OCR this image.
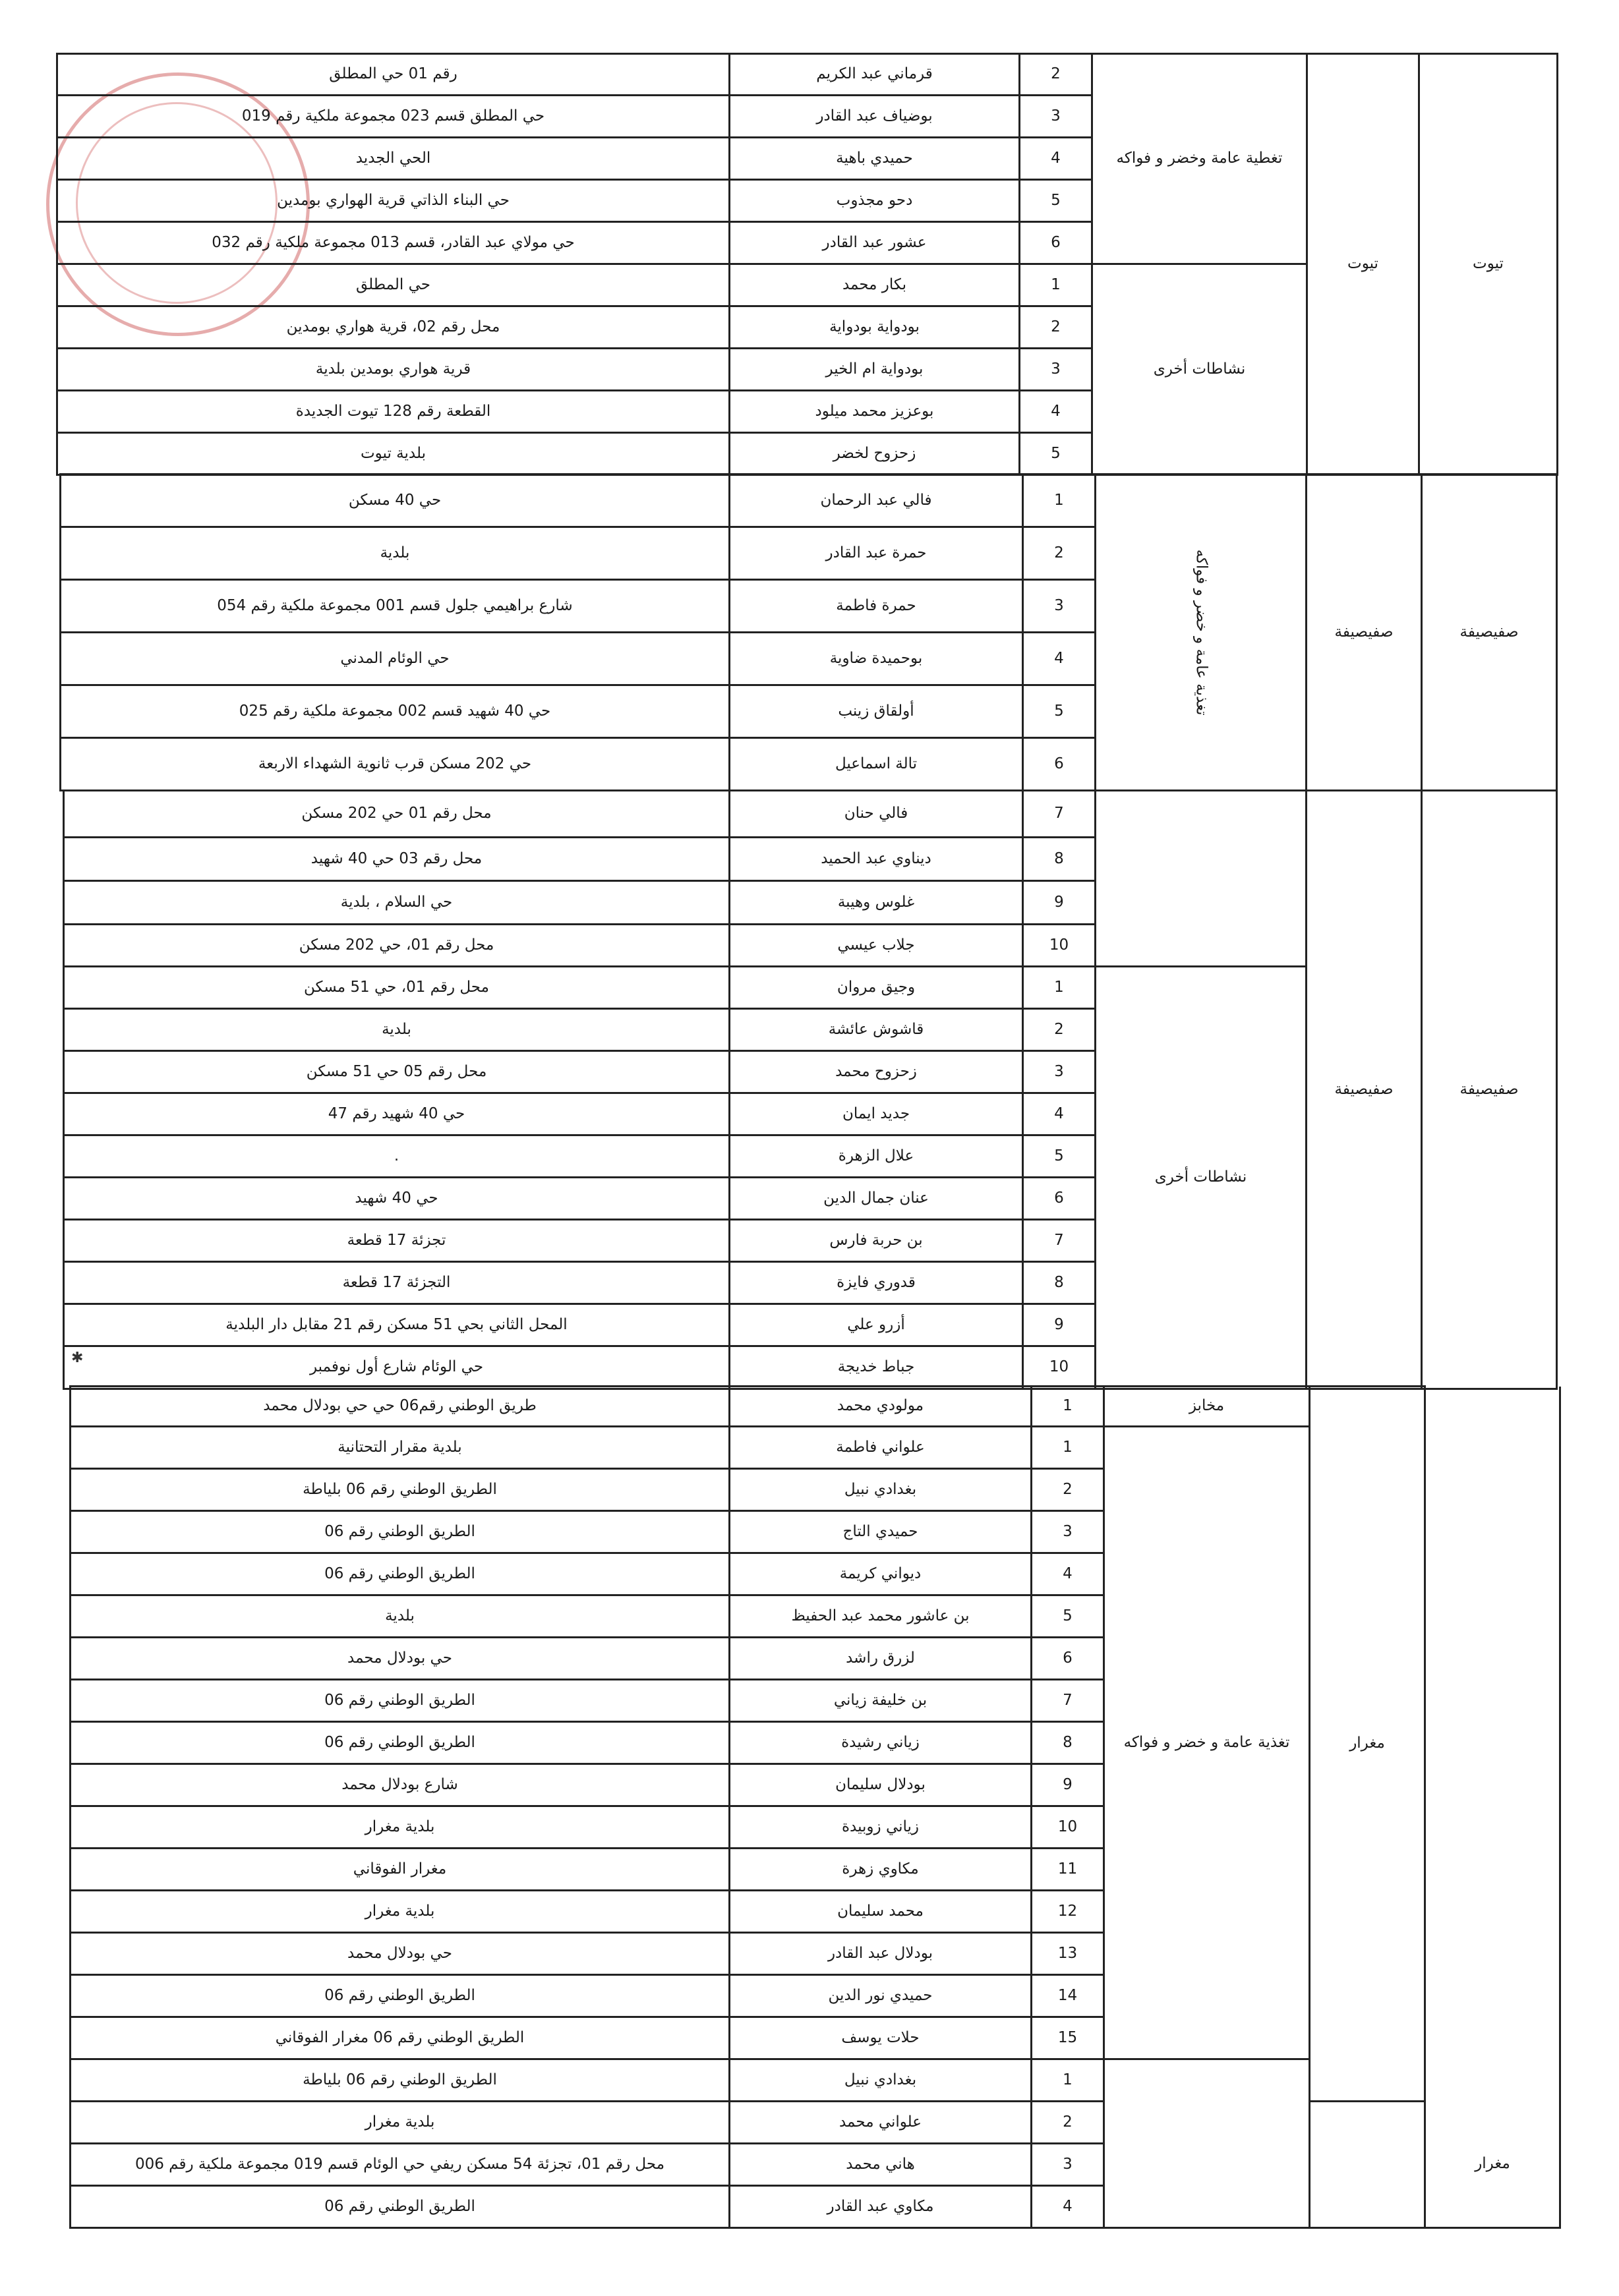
رقم 01 حي المطلق	قرماني عبد الكريم	2	تغطية عامة وخضر و فواكه	تيوت	تيوت
حي المطلق قسم 023 مجموعة ملكية رقم 019	بوضياف عبد القادر	3			
الحي الجديد	حميدي باهية	4			
حي البناء الذاتي قرية الهواري بومدين	دحو مجذوب	5			
حي مولاي عبد القادر، قسم 013 مجموعة ملكية رقم 032	عشور عبد القادر	6			
حي المطلق	بكار محمد	1	نشاطات أخرى		
محل رقم 02، قرية هواري بومدين	بودواية بودواية	2			
قرية هواري بومدين بلدية	بودواية ام الخير	3			
القطعة رقم 128 تيوت الجديدة	بوعزيز محمد ميلود	4			
بلدية تيوت	زحزوح لخضر	5			
حي 40 مسكن	فالي عبد الرحمان	1	تغذية عامة و خضر و فواكه	صفيصيفة	صفيصيفة
بلدية	حمرة عبد القادر	2			
شارع براهيمي جلول قسم 001 مجموعة ملكية رقم 054	حمرة فاطمة	3			
حي الوئام المدني	بوحميدة ضاوية	4			
حي 40 شهيد قسم 002 مجموعة ملكية رقم 025	أولقاق زينب	5			
حي 202 مسكن قرب ثانوية الشهداء الاربعة	تالة اسماعيل	6			
محل رقم 01 حي 202 مسكن	فالي حنان	7		صفيصيفة	صفيصيفة
محل رقم 03 حي 40 شهيد	ديناوي عبد الحميد	8			
حي السلام ، بلدية	غلوس وهيبة	9			
محل رقم 01، حي 202 مسكن	جلاب عيسي	10			
محل رقم 01، حي 51 مسكن	وجيق مروان	1	نشاطات أخرى		
بلدية	قاشوش عائشة	2			
محل رقم 05 حي 51 مسكن	زحزوح محمد	3			
حي 40 شهيد رقم 47	جديد ايمان	4			
.	علال الزهرة	5			
حي 40 شهيد	عنان جمال الدين	6			
تجزئة 17 قطعة	بن حربة فارس	7			
التجزئة 17 قطعة	قدوري فايزة	8			
المحل الثاني بحي 51 مسكن رقم 21 مقابل دار البلدية	أزرو علي	9			
حي الوئام شارع أول نوفمبر	جباط خديجة	10			
طريق الوطني رقم06 حي حي بودلال محمد	مولودي محمد	1	مخابز	مغرار	
بلدية مقرار التحتانية	علواني فاطمة	1	تغذية عامة و خضر و فواكه		
الطريق الوطني رقم 06 بلياطة	بغدادي نبيل	2			
الطريق الوطني رقم 06	حميدي التاج	3			
الطريق الوطني رقم 06	ديواني كريمة	4			
بلدية	بن عاشور محمد عبد الحفيظ	5			
حي بودلال محمد	لزرق راشد	6			
الطريق الوطني رقم 06	بن خليفة زياني	7			
الطريق الوطني رقم 06	زياني رشيدة	8			
شارع بودلال محمد	بودلال سليمان	9			
بلدية مغرار	زياني زوبيدة	10			
مغرار الفوقاني	مكاوي زهرة	11			
بلدية مغرار	محمد سليمان	12			
حي بودلال محمد	بودلال عبد القادر	13			
الطريق الوطني رقم 06	حميدي نور الدين	14			
الطريق الوطني رقم 06 مغرار الفوقاني	حلات يوسف	15			
الطريق الوطني رقم 06 بلياطة	بغدادي نبيل	1			
بلدية مغرار	علواني محمد	2			مغرار
محل رقم 01، تجزئة 54 مسكن ريفي حي الوئام قسم 019 مجموعة ملكية رقم 006	هاني محمد	3			
الطريق الوطني رقم 06	مكاوي عبد القادر	4			
✱
